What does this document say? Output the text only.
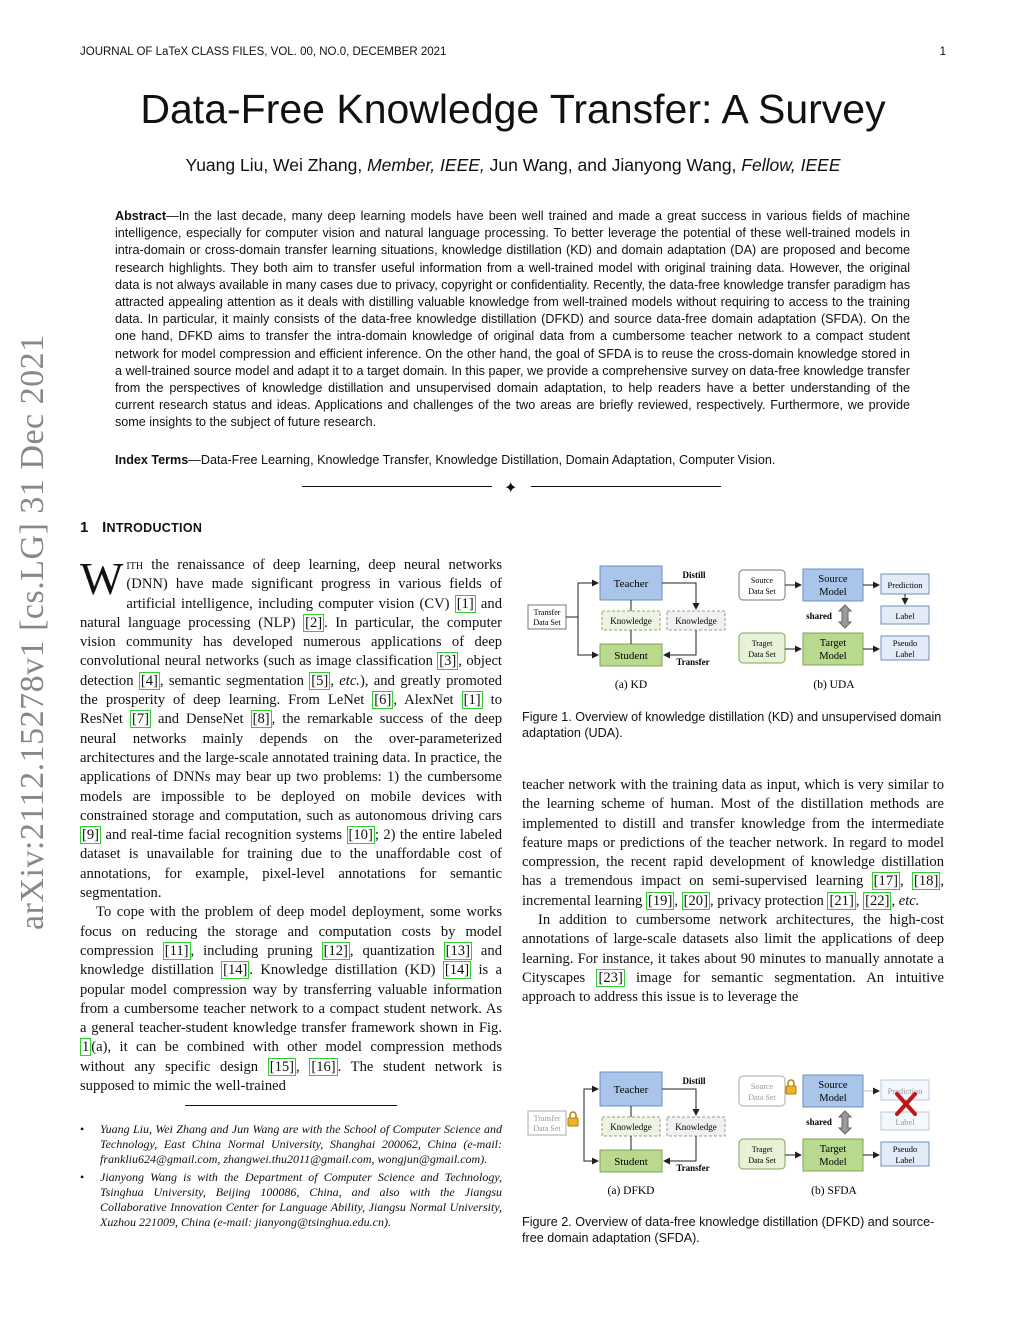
JOURNAL OF LaTeX CLASS FILES, VOL. 00, NO.0, DECEMBER 2021	1
arXiv:2112.15278v1 [cs.LG] 31 Dec 2021
Data-Free Knowledge Transfer: A Survey
Yuang Liu, Wei Zhang, Member, IEEE, Jun Wang, and Jianyong Wang, Fellow, IEEE
Abstract—In the last decade, many deep learning models have been well trained and made a great success in various fields of machine intelligence, especially for computer vision and natural language processing. To better leverage the potential of these well-trained models in intra-domain or cross-domain transfer learning situations, knowledge distillation (KD) and domain adaptation (DA) are proposed and become research highlights. They both aim to transfer useful information from a well-trained model with original training data. However, the original data is not always available in many cases due to privacy, copyright or confidentiality. Recently, the data-free knowledge transfer paradigm has attracted appealing attention as it deals with distilling valuable knowledge from well-trained models without requiring to access to the training data. In particular, it mainly consists of the data-free knowledge distillation (DFKD) and source data-free domain adaptation (SFDA). On the one hand, DFKD aims to transfer the intra-domain knowledge of original data from a cumbersome teacher network to a compact student network for model compression and efficient inference. On the other hand, the goal of SFDA is to reuse the cross-domain knowledge stored in a well-trained source model and adapt it to a target domain. In this paper, we provide a comprehensive survey on data-free knowledge transfer from the perspectives of knowledge distillation and unsupervised domain adaptation, to help readers have a better understanding of the current research status and ideas. Applications and challenges of the two areas are briefly reviewed, respectively. Furthermore, we provide some insights to the subject of future research.
Index Terms—Data-Free Learning, Knowledge Transfer, Knowledge Distillation, Domain Adaptation, Computer Vision.
✦
1 INTRODUCTION

With the renaissance of deep learning, deep neural networks (DNN) have made significant progress in various fields of artificial intelligence, including computer vision (CV) [1] and natural language processing (NLP) [2] . In particular, the computer vision community has developed numerous applications of deep convolutional neural networks (such as image classification [3] , object detection [4] , semantic segmentation [5] , etc.), and greatly promoted the prosperity of deep learning. From LeNet [6] , AlexNet [1] to ResNet [7] and DenseNet [8] , the remarkable success of the deep neural networks mainly depends on the over-parameterized architectures and the large-scale annotated training data. In practice, the applications of DNNs may bear up two problems: 1) the cumbersome models are impossible to be deployed on mobile devices with constrained storage and computation, such as autonomous driving cars [9] and real-time facial recognition systems [10] ; 2) the entire labeled dataset is unavailable for training due to the unaffordable cost of annotations, for example, pixel-level annotations for semantic segmentation.

To cope with the problem of deep model deployment, some works focus on reducing the storage and computation costs by model compression [11] , including pruning [12] , quantization [13] and knowledge distillation [14] . Knowledge distillation (KD) [14] is a popular model compression way by transferring valuable information from a cumbersome teacher network to a compact student network. As a general teacher-student knowledge transfer framework shown in Fig. 1 (a), it can be combined with other model compression methods without any specific design [15] , [16] . The student network is supposed to mimic the well-trained

• Yuang Liu, Wei Zhang and Jun Wang are with the School of Computer Science and Technology, East China Normal University, Shanghai 200062, China (e-mail: frankliu624@gmail.com, zhangwei.thu2011@gmail.com, wongjun@gmail.com).
• Jianyong Wang is with the Department of Computer Science and Technology, Tsinghua University, Beijing 100086, China, and also with the Jiangsu Collaborative Innovation Center for Language Ability, Jiangsu Normal University, Xuzhou 221009, China (e-mail: jianyong@tsinghua.edu.cn).

teacher network with the training data as input, which is very similar to the learning scheme of human. Most of the distillation methods are implemented to distill and transfer knowledge from the intermediate feature maps or predictions of the teacher network. In regard to model compression, the recent rapid development of knowledge distillation has a tremendous impact on semi-supervised learning [17] , [18] , incremental learning [19] , [20] , privacy protection [21] , [22] , etc.

In addition to cumbersome network architectures, the high-cost annotations of large-scale datasets also limit the applications of deep learning. For instance, it takes about 90 minutes to manually annotate a Cityscapes [23] image for semantic segmentation. An intuitive approach to address this issue is to leverage the

Transfer
Data Set
Teacher
Distill
Knowledge	Knowledge
Student	Transfer
(a) KD
Source
Data Set
Source
Model
Prediction
shared	Label
Traget
Data Set
Target
Model
Pseudo
Label
(b) UDA
Figure 1. Overview of knowledge distillation (KD) and unsupervised domain adaptation (UDA).
Transfer
Data Set
Teacher
Distill
Knowledge	Knowledge
Student	Transfer
(a) DFKD
Source
Data Set
Source
Model
Prediction
shared	Label
Traget
Data Set
Target
Model
Pseudo
Label
(b) SFDA
Figure 2. Overview of data-free knowledge distillation (DFKD) and source-free domain adaptation (SFDA).
